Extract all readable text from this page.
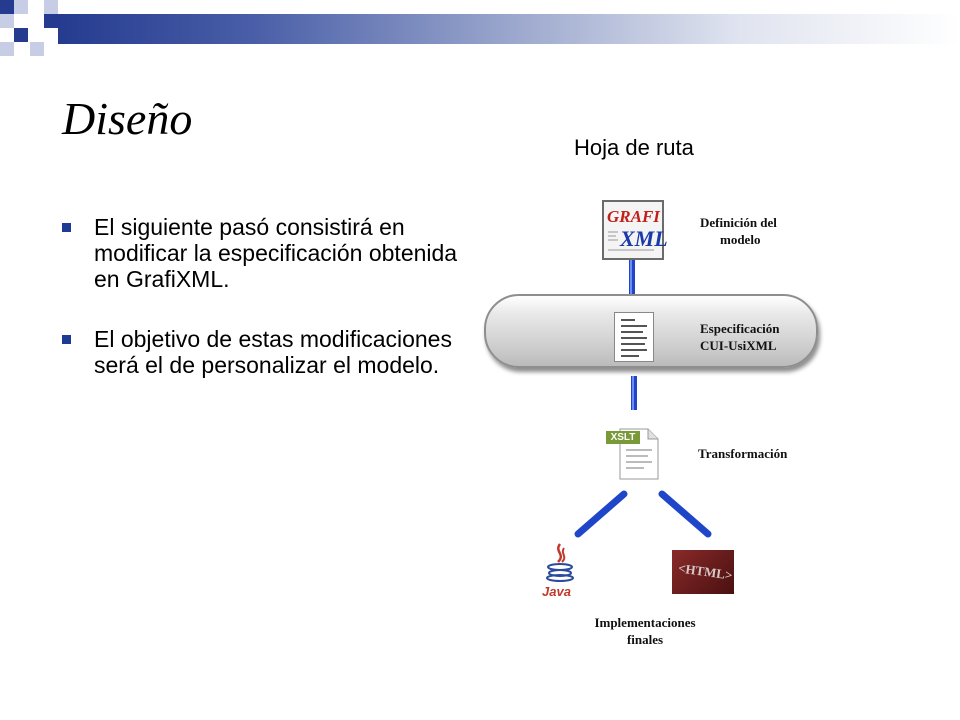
Diseño
El siguiente pasó consistirá en modificar la especificación obtenida en GrafiXML.
El objetivo de estas modificaciones será el de personalizar el modelo.
Hoja de ruta
GRAFI
XML
Definición del
modelo
Especificación
CUI-UsiXML
XSLT
Transformación
Java
<HTML>
Implementaciones
finales
